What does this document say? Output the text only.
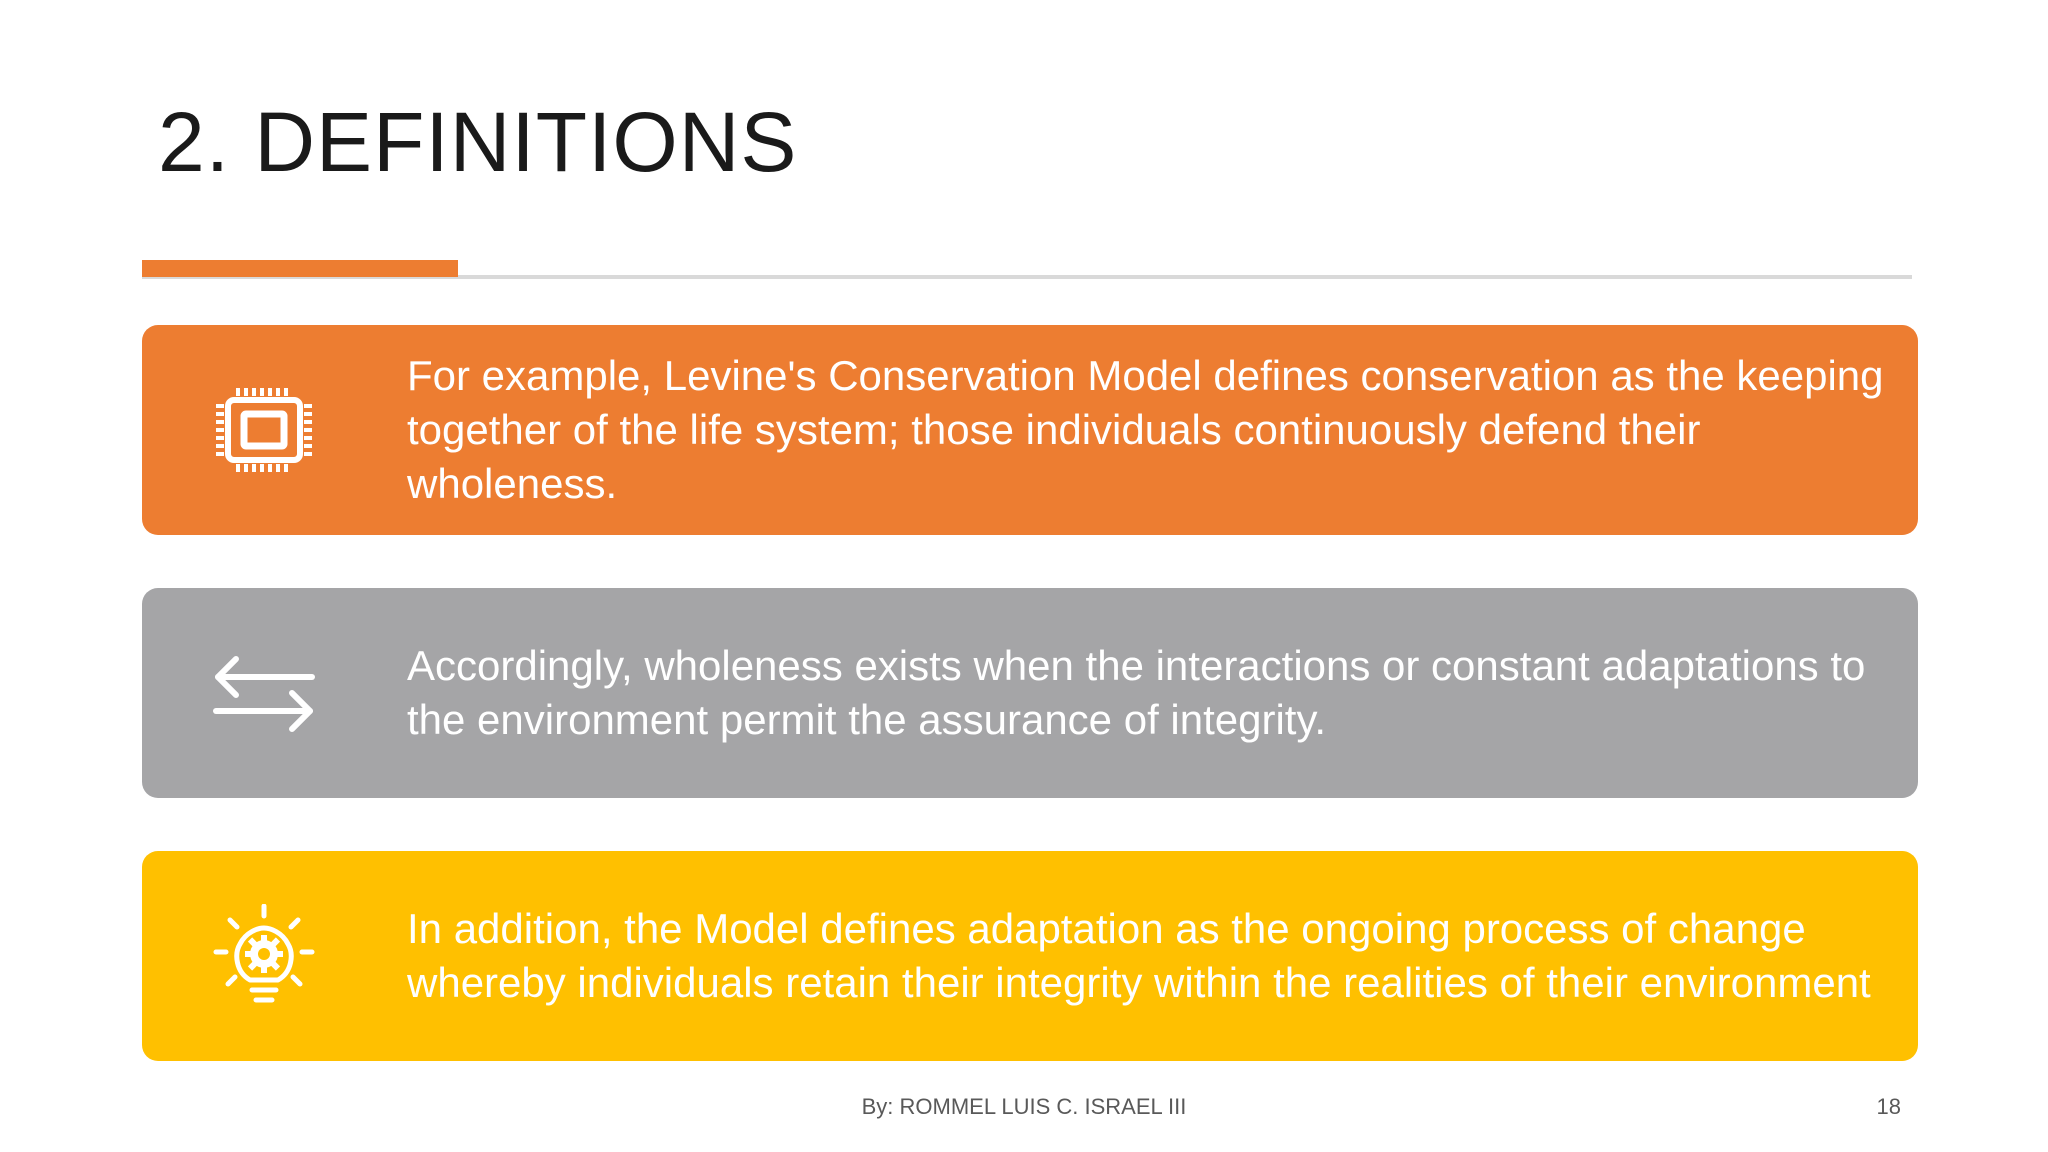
2. DEFINITIONS
For example, Levine's Conservation Model defines conservation as the keeping together of the life system; those individuals continuously defend their wholeness.
Accordingly, wholeness exists when the interactions or constant adaptations to the environment permit the assurance of integrity.
In addition, the Model defines adaptation as the ongoing process of change whereby individuals retain their integrity within the realities of their environment
By: ROMMEL LUIS C. ISRAEL III	18
